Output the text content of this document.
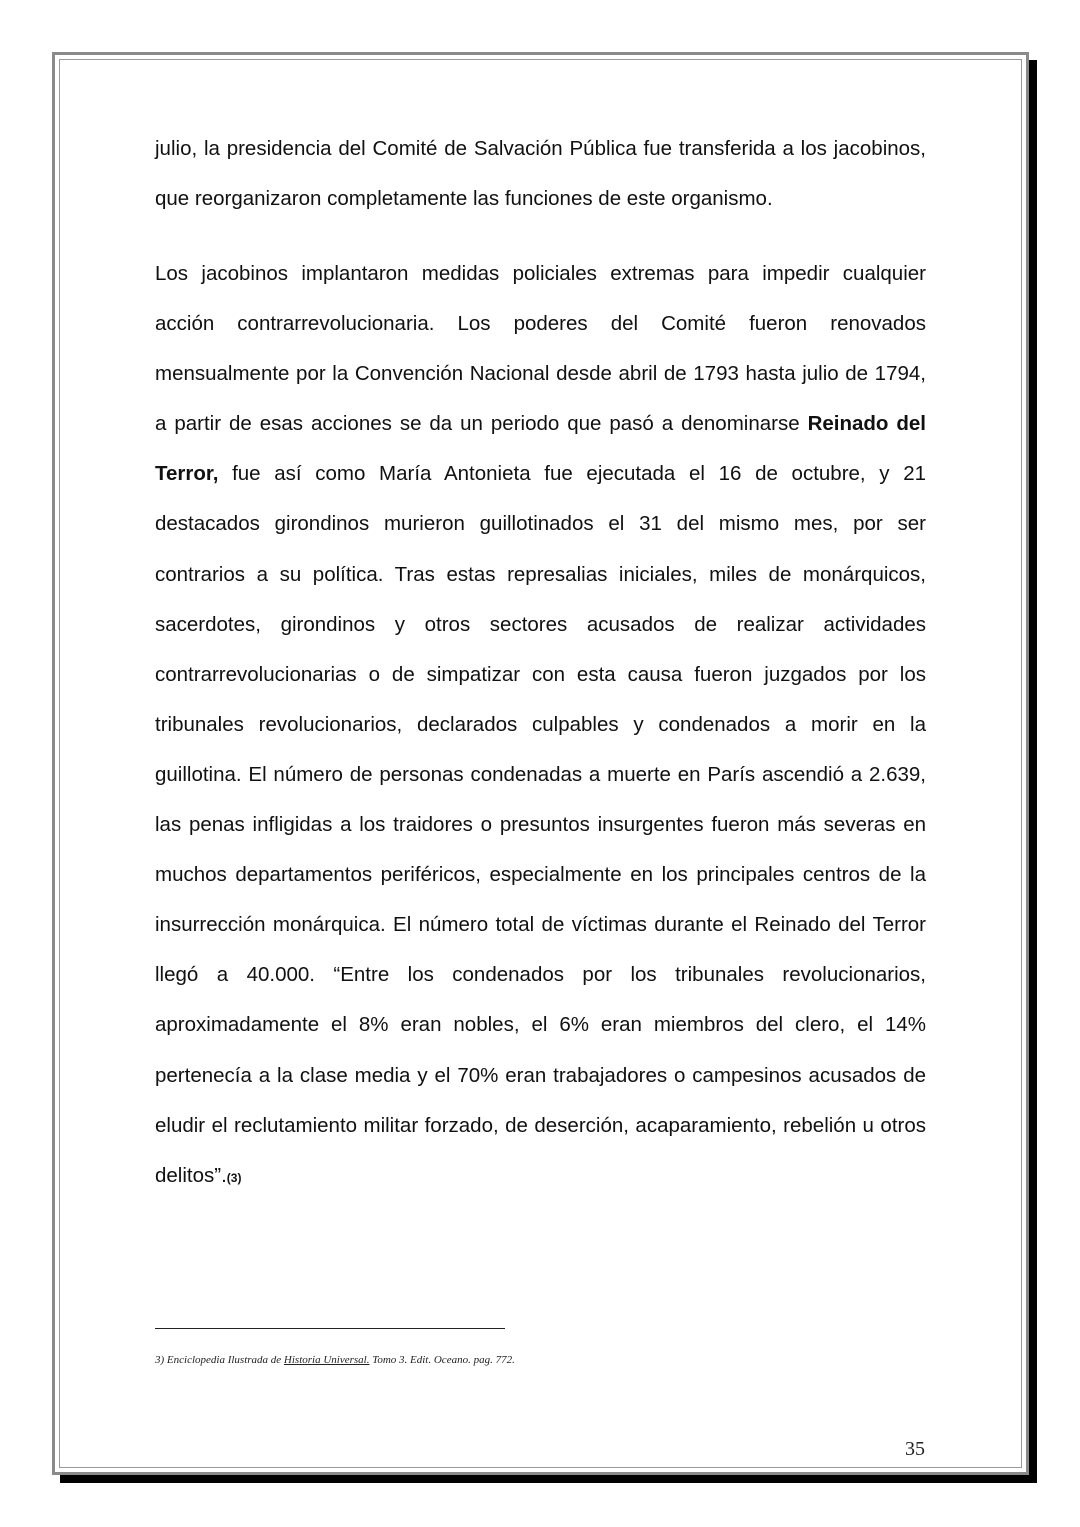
julio, la presidencia del Comité de Salvación Pública fue transferida a los jacobinos, que reorganizaron completamente las funciones de este organismo.

Los jacobinos implantaron medidas policiales extremas para impedir cualquier acción contrarrevolucionaria. Los poderes del Comité fueron renovados mensualmente por la Convención Nacional desde abril de 1793 hasta julio de 1794, a partir de esas acciones se da un periodo que pasó a denominarse Reinado del Terror, fue así como María Antonieta fue ejecutada el 16 de octubre, y 21 destacados girondinos murieron guillotinados el 31 del mismo mes, por ser contrarios a su política. Tras estas represalias iniciales, miles de monárquicos, sacerdotes, girondinos y otros sectores acusados de realizar actividades contrarrevolucionarias o de simpatizar con esta causa fueron juzgados por los tribunales revolucionarios, declarados culpables y condenados a morir en la guillotina. El número de personas condenadas a muerte en París ascendió a 2.639, las penas infligidas a los traidores o presuntos insurgentes fueron más severas en muchos departamentos periféricos, especialmente en los principales centros de la insurrección monárquica. El número total de víctimas durante el Reinado del Terror llegó a 40.000. “Entre los condenados por los tribunales revolucionarios, aproximadamente el 8% eran nobles, el 6% eran miembros del clero, el 14% pertenecía a la clase media y el 70% eran trabajadores o campesinos acusados de eludir el reclutamiento militar forzado, de deserción, acaparamiento, rebelión u otros delitos”.(3)

3) Enciclopedia Ilustrada de Historia Universal. Tomo 3. Edit. Oceano. pag. 772.
35
